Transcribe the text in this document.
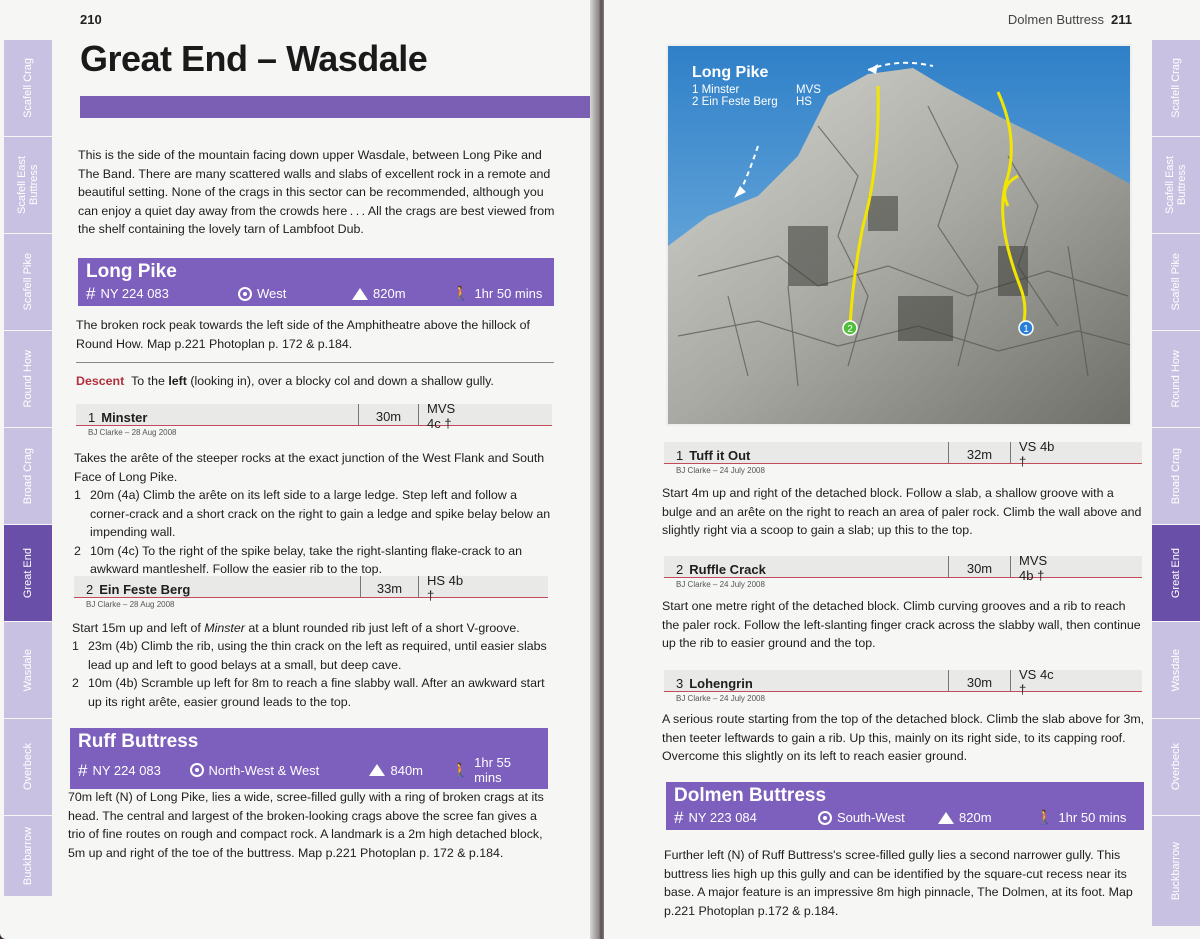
210
Scafell Crag
Scafell East Buttress
Scafell Pike
Round How
Broad Crag
Great End
Wasdale
Overbeck
Buckbarrow
Great End – Wasdale

This is the side of the mountain facing down upper Wasdale, between Long Pike and The Band. There are many scattered walls and slabs of excellent rock in a remote and beautiful setting. None of the crags in this sector can be recommended, although you can enjoy a quiet day away from the crowds here . . . All the crags are best viewed from the shelf containing the lovely tarn of Lambfoot Dub.

Long Pike
# NY 224 083	West	820m	🚶 1hr 50 mins

The broken rock peak towards the left side of the Amphitheatre above the hillock of Round How. Map p.221 Photoplan p. 172 & p.184.

Descent To the left (looking in), over a blocky col and down a shallow gully.

1 Minster	30m	MVS 4c †
BJ Clarke – 28 Aug 2008

Takes the arête of the steeper rocks at the exact junction of the West Flank and South Face of Long Pike.

1 20m (4a) Climb the arête on its left side to a large ledge. Step left and follow a corner-crack and a short crack on the right to gain a ledge and spike belay below an impending wall.
2 10m (4c) To the right of the spike belay, take the right-slanting flake-crack to an awkward mantleshelf. Follow the easier rib to the top.
2 Ein Feste Berg	33m	HS 4b †
BJ Clarke – 28 Aug 2008

Start 15m up and left of Minster at a blunt rounded rib just left of a short V-groove.

1 23m (4b) Climb the rib, using the thin crack on the left as required, until easier slabs lead up and left to good belays at a small, but deep cave.
2 10m (4b) Scramble up left for 8m to reach a fine slabby wall. After an awkward start up its right arête, easier ground leads to the top.
Ruff Buttress
# NY 224 083	North-West & West	840m 🚶 1hr 55 mins

70m left (N) of Long Pike, lies a wide, scree-filled gully with a ring of broken crags at its head. The central and largest of the broken-looking crags above the scree fan gives a trio of fine routes on rough and compact rock. A landmark is a 2m high detached block, 5m up and right of the toe of the buttress. Map p.221 Photoplan p. 172 & p.184.

Dolmen Buttress 211
Scafell Crag
Scafell East Buttress
Scafell Pike
Round How
Broad Crag
Great End
Wasdale
Overbeck
Buckbarrow
2	1
Long Pike
1 Minster	MVS
2 Ein Feste Berg	HS
1 Tuff it Out	32m	VS 4b †
BJ Clarke – 24 July 2008

Start 4m up and right of the detached block. Follow a slab, a shallow groove with a bulge and an arête on the right to reach an area of paler rock. Climb the wall above and slightly right via a scoop to gain a slab; up this to the top.

2 Ruffle Crack	30m	MVS 4b †
BJ Clarke – 24 July 2008

Start one metre right of the detached block. Climb curving grooves and a rib to reach the paler rock. Follow the left-slanting finger crack across the slabby wall, then continue up the rib to easier ground and the top.

3 Lohengrin	30m	VS 4c †
BJ Clarke – 24 July 2008

A serious route starting from the top of the detached block. Climb the slab above for 3m, then teeter leftwards to gain a rib. Up this, mainly on its right side, to its capping roof. Overcome this slightly on its left to reach easier ground.

Dolmen Buttress
# NY 223 084	South-West	820m	🚶 1hr 50 mins

Further left (N) of Ruff Buttress's scree-filled gully lies a second narrower gully. This buttress lies high up this gully and can be identified by the square-cut recess near its base. A major feature is an impressive 8m high pinnacle, The Dolmen, at its foot. Map p.221 Photoplan p.172 & p.184.
